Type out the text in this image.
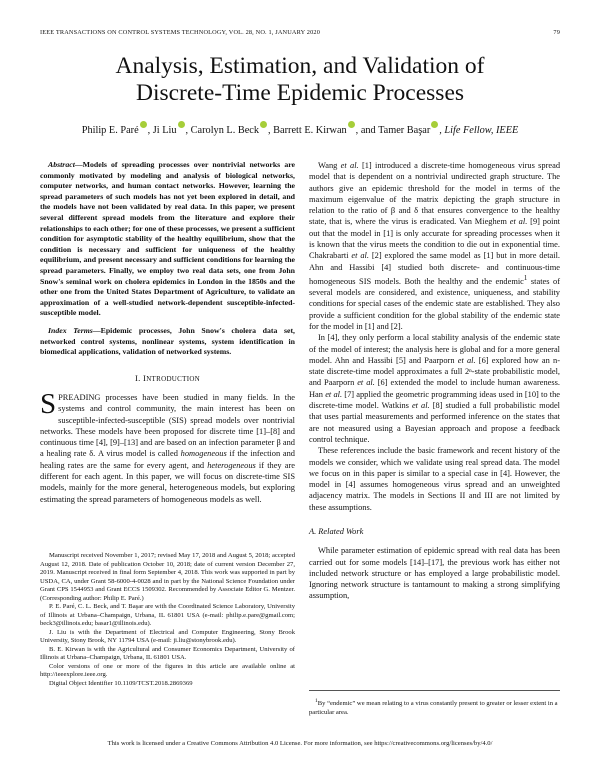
IEEE TRANSACTIONS ON CONTROL SYSTEMS TECHNOLOGY, VOL. 28, NO. 1, JANUARY 2020	79
Analysis, Estimation, and Validation of
Discrete-Time Epidemic Processes
Philip E. Paré , Ji Liu , Carolyn L. Beck , Barrett E. Kirwan , and Tamer Başar , Life Fellow, IEEE

Abstract—Models of spreading processes over nontrivial networks are commonly motivated by modeling and analysis of biological networks, computer networks, and human contact networks. However, learning the spread parameters of such models has not yet been explored in detail, and the models have not been validated by real data. In this paper, we present several different spread models from the literature and explore their relationships to each other; for one of these processes, we present a sufficient condition for asymptotic stability of the healthy equilibrium, show that the condition is necessary and sufficient for uniqueness of the healthy equilibrium, and present necessary and sufficient conditions for learning the spread parameters. Finally, we employ two real data sets, one from John Snow's seminal work on cholera epidemics in London in the 1850s and the other one from the United States Department of Agriculture, to validate an approximation of a well-studied network-dependent susceptible-infected-susceptible model.

Index Terms—Epidemic processes, John Snow's cholera data set, networked control systems, nonlinear systems, system identification in biomedical applications, validation of networked systems.

I. INTRODUCTION

SPREADING processes have been studied in many fields. In the systems and control community, the main interest has been on susceptible-infected-susceptible (SIS) spread models over nontrivial networks. These models have been proposed for discrete time [1]–[8] and continuous time [4], [9]–[13] and are based on an infection parameter β and a healing rate δ. A virus model is called homogeneous if the infection and healing rates are the same for every agent, and heterogeneous if they are different for each agent. In this paper, we will focus on discrete-time SIS models, mainly for the more general, heterogeneous models, but exploring estimating the spread parameters of homogeneous models as well.

Manuscript received November 1, 2017; revised May 17, 2018 and August 5, 2018; accepted August 12, 2018. Date of publication October 10, 2018; date of current version December 27, 2019. Manuscript received in final form September 4, 2018. This work was supported in part by USDA, CA, under Grant 58-6000-4-0028 and in part by the National Science Foundation under Grant CPS 1544953 and Grant ECCS 1509302. Recommended by Associate Editor G. Mentzer. (Corresponding author: Philip E. Paré.)

P. E. Paré, C. L. Beck, and T. Başar are with the Coordinated Science Laboratory, University of Illinois at Urbana–Champaign, Urbana, IL 61801 USA (e-mail: philip.e.pare@gmail.com; beck3@illinois.edu; basar1@illinois.edu).

J. Liu is with the Department of Electrical and Computer Engineering, Stony Brook University, Stony Brook, NY 11794 USA (e-mail: ji.liu@stonybrook.edu).

B. E. Kirwan is with the Agricultural and Consumer Economics Department, University of Illinois at Urbana–Champaign, Urbana, IL 61801 USA.

Color versions of one or more of the figures in this article are available online at http://ieeexplore.ieee.org.

Digital Object Identifier 10.1109/TCST.2018.2869369

Wang et al. [1] introduced a discrete-time homogeneous virus spread model that is dependent on a nontrivial undirected graph structure. The authors give an epidemic threshold for the model in terms of the maximum eigenvalue of the matrix depicting the graph structure in relation to the ratio of β and δ that ensures convergence to the healthy state, that is, where the virus is eradicated. Van Mieghem et al. [9] point out that the model in [1] is only accurate for spreading processes when it is known that the virus meets the condition to die out in exponential time. Chakrabarti et al. [2] explored the same model as [1] but in more detail. Ahn and Hassibi [4] studied both discrete- and continuous-time homogeneous SIS models. Both the healthy and the endemic$^1$ states of several models are considered, and existence, uniqueness, and stability conditions for special cases of the endemic state are established. They also provide a sufficient condition for the global stability of the endemic state for the model in [1] and [2].

In [4], they only perform a local stability analysis of the endemic state of the model of interest; the analysis here is global and for a more general model. Ahn and Hassibi [5] and Paarporn et al. [6] explored how an n-state discrete-time model approximates a full 2ⁿ-state probabilistic model, and Paarporn et al. [6] extended the model to include human awareness. Han et al. [7] applied the geometric programming ideas used in [10] to the discrete-time model. Watkins et al. [8] studied a full probabilistic model that uses partial measurements and performed inference on the states that are not measured using a Bayesian approach and propose a feedback control technique.

These references include the basic framework and recent history of the models we consider, which we validate using real spread data. The model we focus on in this paper is similar to a special case in [4]. However, the model in [4] assumes homogeneous virus spread and an unweighted adjacency matrix. The models in Sections II and III are not limited by these assumptions.

A. Related Work

While parameter estimation of epidemic spread with real data has been carried out for some models [14]–[17], the previous work has either not included network structure or has employed a large probabilistic model. Ignoring network structure is tantamount to making a strong simplifying assumption,

$^1$By “endemic” we mean relating to a virus constantly present to greater or lesser extent in a particular area.

This work is licensed under a Creative Commons Attribution 4.0 License. For more information, see https://creativecommons.org/licenses/by/4.0/
